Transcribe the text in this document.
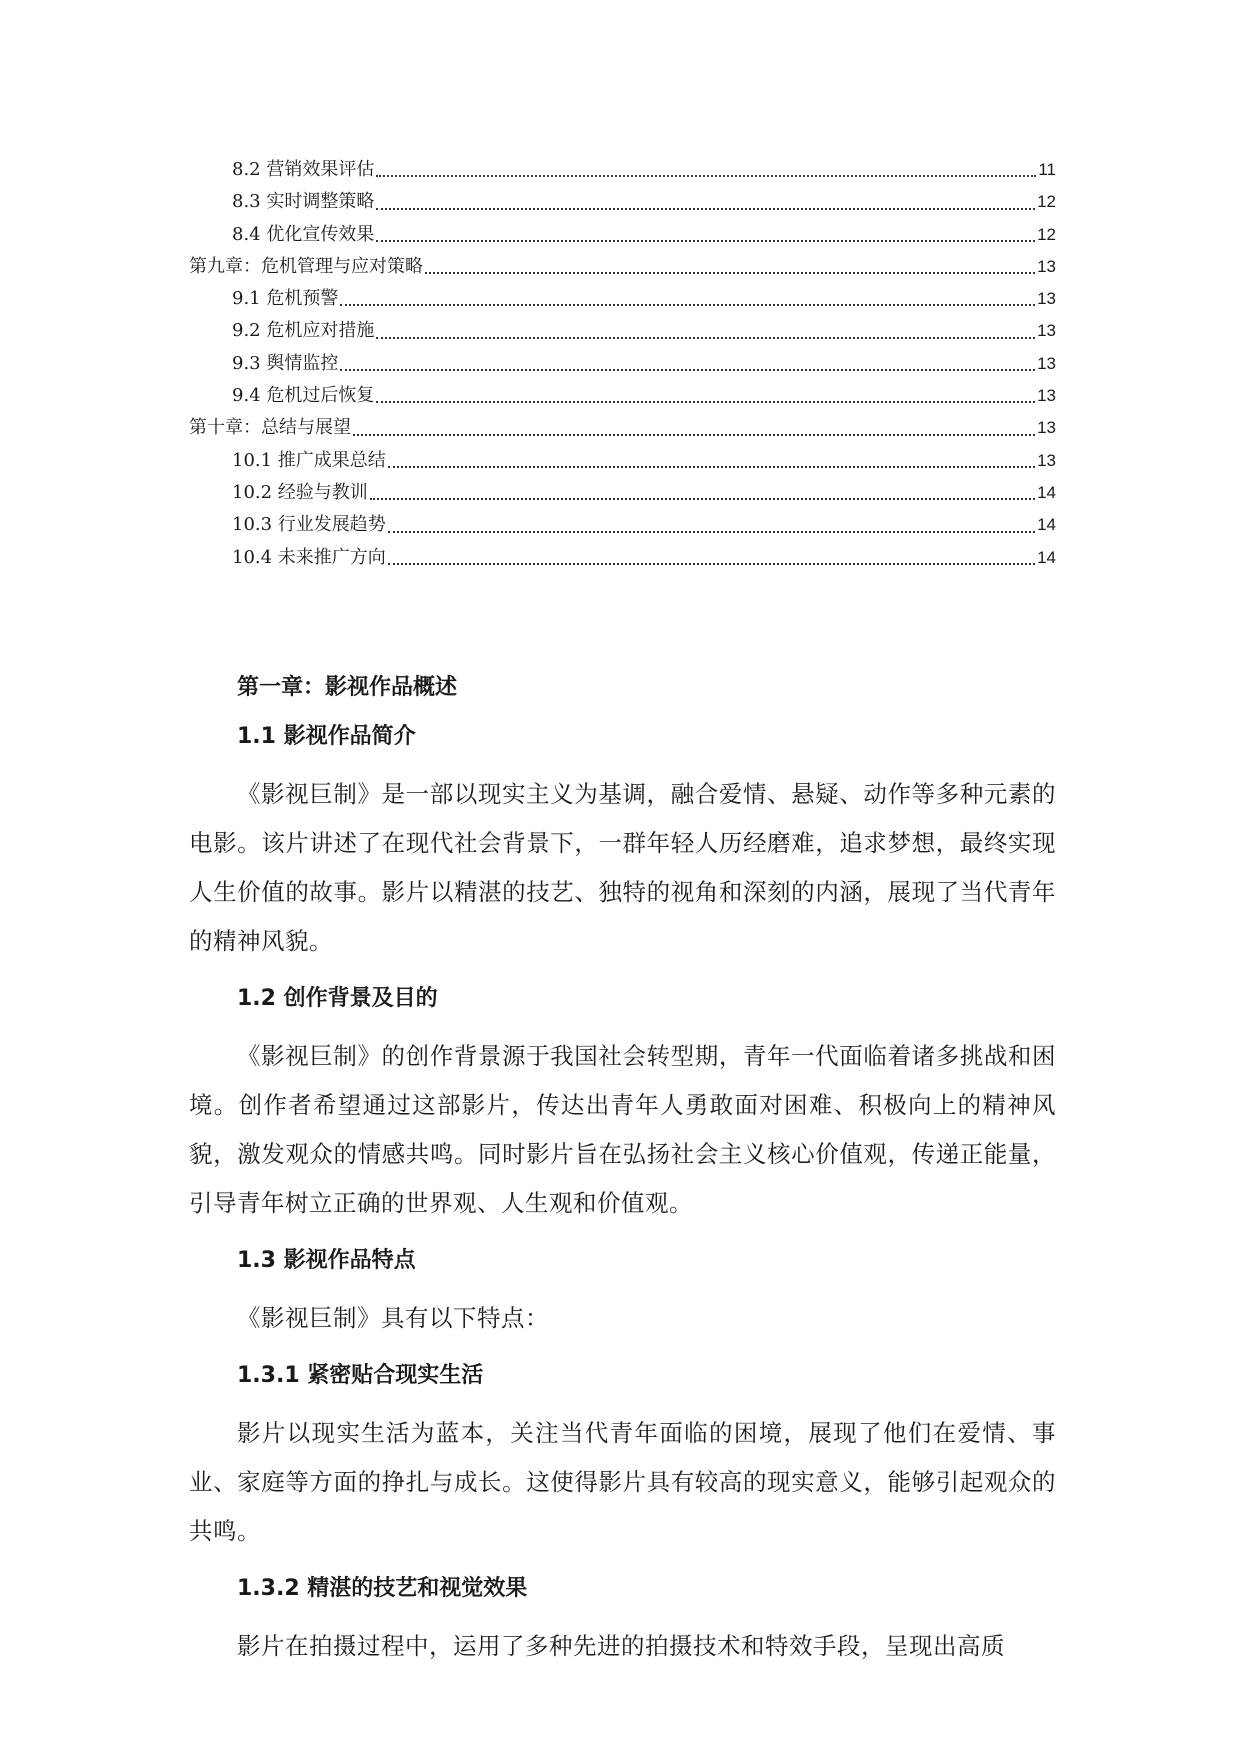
8.2 营销效果评估	11
8.3 实时调整策略	12
8.4 优化宣传效果	12
第九章：危机管理与应对策略	13
9.1 危机预警	13
9.2 危机应对措施	13
9.3 舆情监控	13
9.4 危机过后恢复	13
第十章：总结与展望	13
10.1 推广成果总结	13
10.2 经验与教训	14
10.3 行业发展趋势	14
10.4 未来推广方向	14
第一章：影视作品概述
1.1 影视作品简介
《影视巨制》是一部以现实主义为基调，融合爱情、悬疑、动作等多种元素的电影。该片讲述了在现代社会背景下，一群年轻人历经磨难，追求梦想，最终实现人生价值的故事。影片以精湛的技艺、独特的视角和深刻的内涵，展现了当代青年的精神风貌。
1.2 创作背景及目的
《影视巨制》的创作背景源于我国社会转型期，青年一代面临着诸多挑战和困境。创作者希望通过这部影片，传达出青年人勇敢面对困难、积极向上的精神风貌，激发观众的情感共鸣。同时影片旨在弘扬社会主义核心价值观，传递正能量，引导青年树立正确的世界观、人生观和价值观。
1.3 影视作品特点
《影视巨制》具有以下特点：
1.3.1 紧密贴合现实生活
影片以现实生活为蓝本，关注当代青年面临的困境，展现了他们在爱情、事业、家庭等方面的挣扎与成长。这使得影片具有较高的现实意义，能够引起观众的共鸣。
1.3.2 精湛的技艺和视觉效果
影片在拍摄过程中，运用了多种先进的拍摄技术和特效手段，呈现出高质
